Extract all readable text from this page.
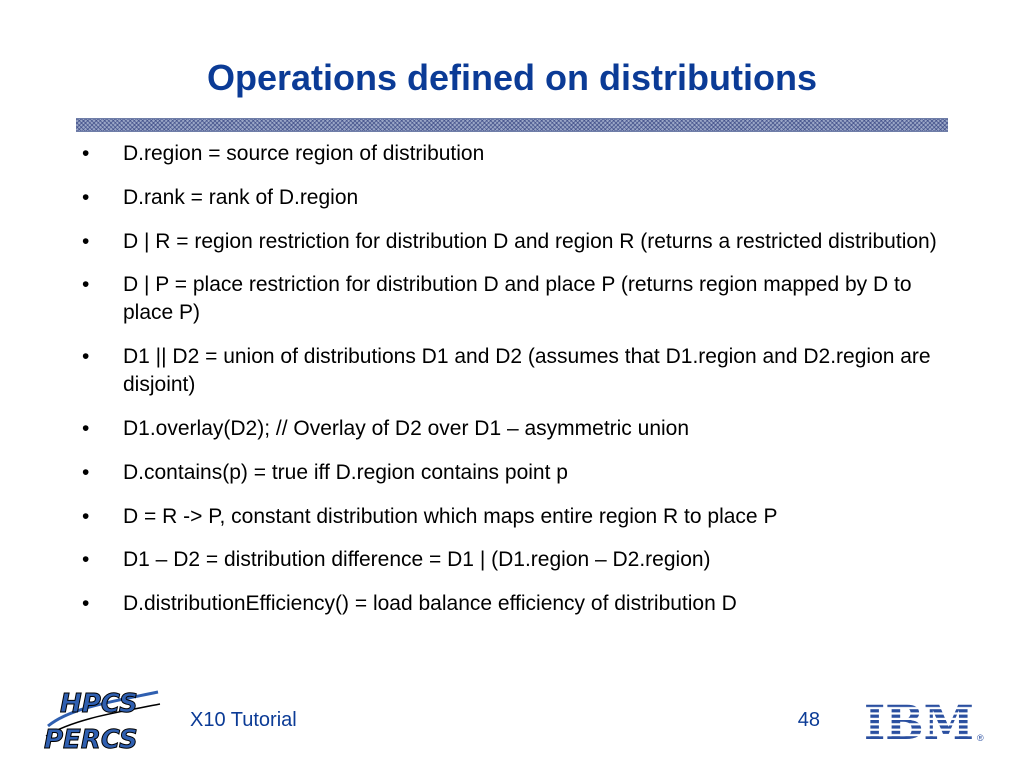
Operations defined on distributions
•	D.region = source region of distribution
•	D.rank = rank of D.region
•	D | R = region restriction for distribution D and region R (returns a restricted distribution)
•	D | P = place restriction for distribution D and place P (returns region mapped by D to place P)
•	D1 || D2 = union of distributions D1 and D2 (assumes that D1.region and D2.region are disjoint)
•	D1.overlay(D2); // Overlay of D2 over D1 – asymmetric union
•	D.contains(p) = true iff D.region contains point p
•	D = R -> P, constant distribution which maps entire region R to place P
•	D1 – D2 = distribution difference = D1 | (D1.region – D2.region)
•	D.distributionEfficiency() = load balance efficiency of distribution D
HPCS
PERCS
X10 Tutorial	48 IBM ®
